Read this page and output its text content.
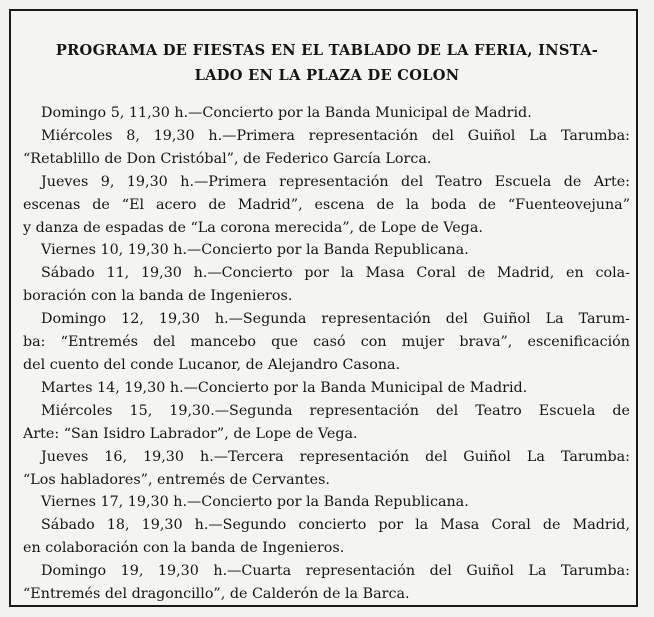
PROGRAMA DE FIESTAS EN EL TABLADO DE LA FERIA, INSTA-
LADO EN LA PLAZA DE COLON
Domingo 5, 11,30 h.—Concierto por la Banda Municipal de Madrid.
Miércoles 8, 19,30 h.—Primera representación del Guiñol La Tarumba:
“Retablillo de Don Cristóbal”, de Federico García Lorca.
Jueves 9, 19,30 h.—Primera representación del Teatro Escuela de Arte:
escenas de “El acero de Madrid”, escena de la boda de “Fuenteovejuna”
y danza de espadas de “La corona merecida”, de Lope de Vega.
Viernes 10, 19,30 h.—Concierto por la Banda Republicana.
Sábado 11, 19,30 h.—Concierto por la Masa Coral de Madrid, en cola-
boración con la banda de Ingenieros.
Domingo 12, 19,30 h.—Segunda representación del Guiñol La Tarum-
ba: “Entremés del mancebo que casó con mujer brava”, escenificación
del cuento del conde Lucanor, de Alejandro Casona.
Martes 14, 19,30 h.—Concierto por la Banda Municipal de Madrid.
Miércoles 15, 19,30.—Segunda representación del Teatro Escuela de
Arte: “San Isidro Labrador”, de Lope de Vega.
Jueves 16, 19,30 h.—Tercera representación del Guiñol La Tarumba:
“Los habladores”, entremés de Cervantes.
Viernes 17, 19,30 h.—Concierto por la Banda Republicana.
Sábado 18, 19,30 h.—Segundo concierto por la Masa Coral de Madrid,
en colaboración con la banda de Ingenieros.
Domingo 19, 19,30 h.—Cuarta representación del Guiñol La Tarumba:
“Entremés del dragoncillo”, de Calderón de la Barca.
